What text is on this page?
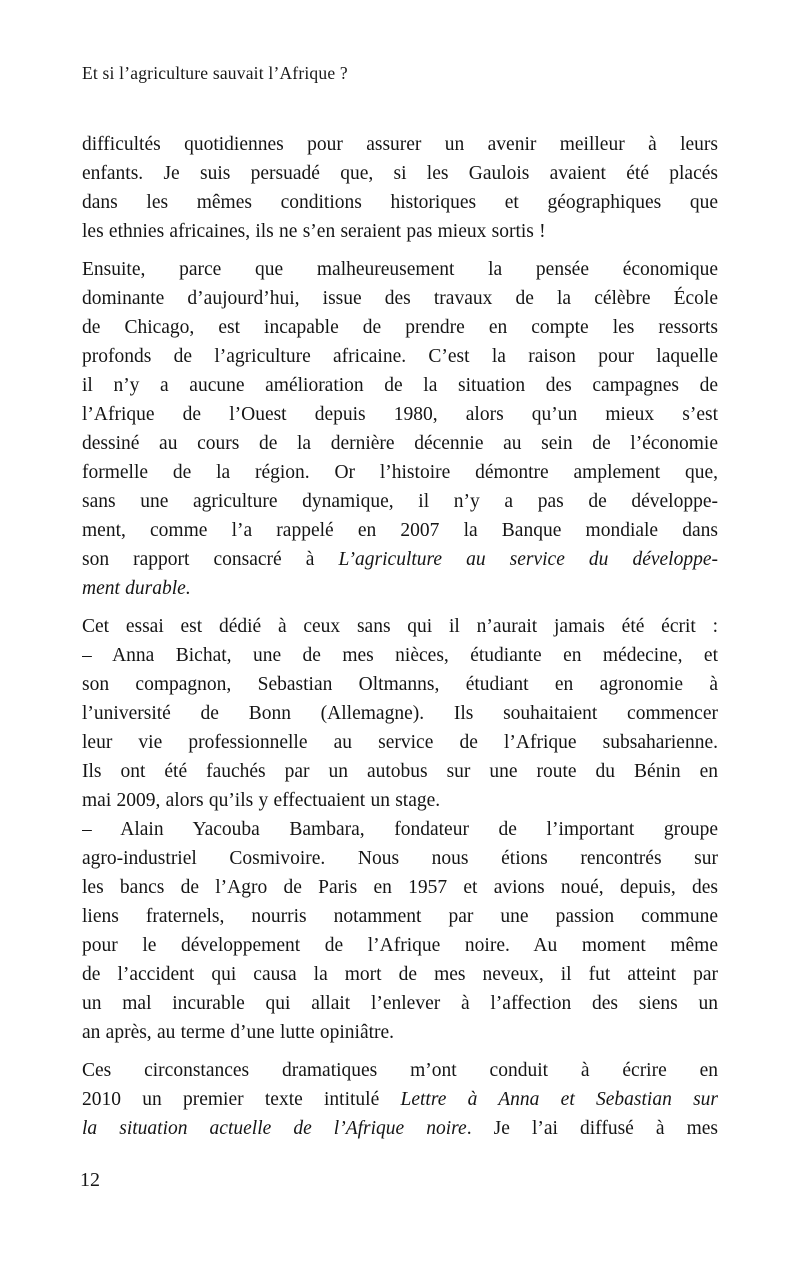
Et si l’agriculture sauvait l’Afrique ?
difficultés quotidiennes pour assurer un avenir meilleur à leurs
enfants. Je suis persuadé que, si les Gaulois avaient été placés
dans les mêmes conditions historiques et géographiques que
les ethnies africaines, ils ne s’en seraient pas mieux sortis !
Ensuite, parce que malheureusement la pensée économique
dominante d’aujourd’hui, issue des travaux de la célèbre École
de Chicago, est incapable de prendre en compte les ressorts
profonds de l’agriculture africaine. C’est la raison pour laquelle
il n’y a aucune amélioration de la situation des campagnes de
l’Afrique de l’Ouest depuis 1980, alors qu’un mieux s’est
dessiné au cours de la dernière décennie au sein de l’économie
formelle de la région. Or l’histoire démontre amplement que,
sans une agriculture dynamique, il n’y a pas de développe-
ment, comme l’a rappelé en 2007 la Banque mondiale dans
son rapport consacré à L’agriculture au service du développe-
ment durable.
Cet essai est dédié à ceux sans qui il n’aurait jamais été écrit :
– Anna Bichat, une de mes nièces, étudiante en médecine, et
son compagnon, Sebastian Oltmanns, étudiant en agronomie à
l’université de Bonn (Allemagne). Ils souhaitaient commencer
leur vie professionnelle au service de l’Afrique subsaharienne.
Ils ont été fauchés par un autobus sur une route du Bénin en
mai 2009, alors qu’ils y effectuaient un stage.
– Alain Yacouba Bambara, fondateur de l’important groupe
agro-industriel Cosmivoire. Nous nous étions rencontrés sur
les bancs de l’Agro de Paris en 1957 et avions noué, depuis, des
liens fraternels, nourris notamment par une passion commune
pour le développement de l’Afrique noire. Au moment même
de l’accident qui causa la mort de mes neveux, il fut atteint par
un mal incurable qui allait l’enlever à l’affection des siens un
an après, au terme d’une lutte opiniâtre.
Ces circonstances dramatiques m’ont conduit à écrire en
2010 un premier texte intitulé Lettre à Anna et Sebastian sur
la situation actuelle de l’Afrique noire. Je l’ai diffusé à mes
12
